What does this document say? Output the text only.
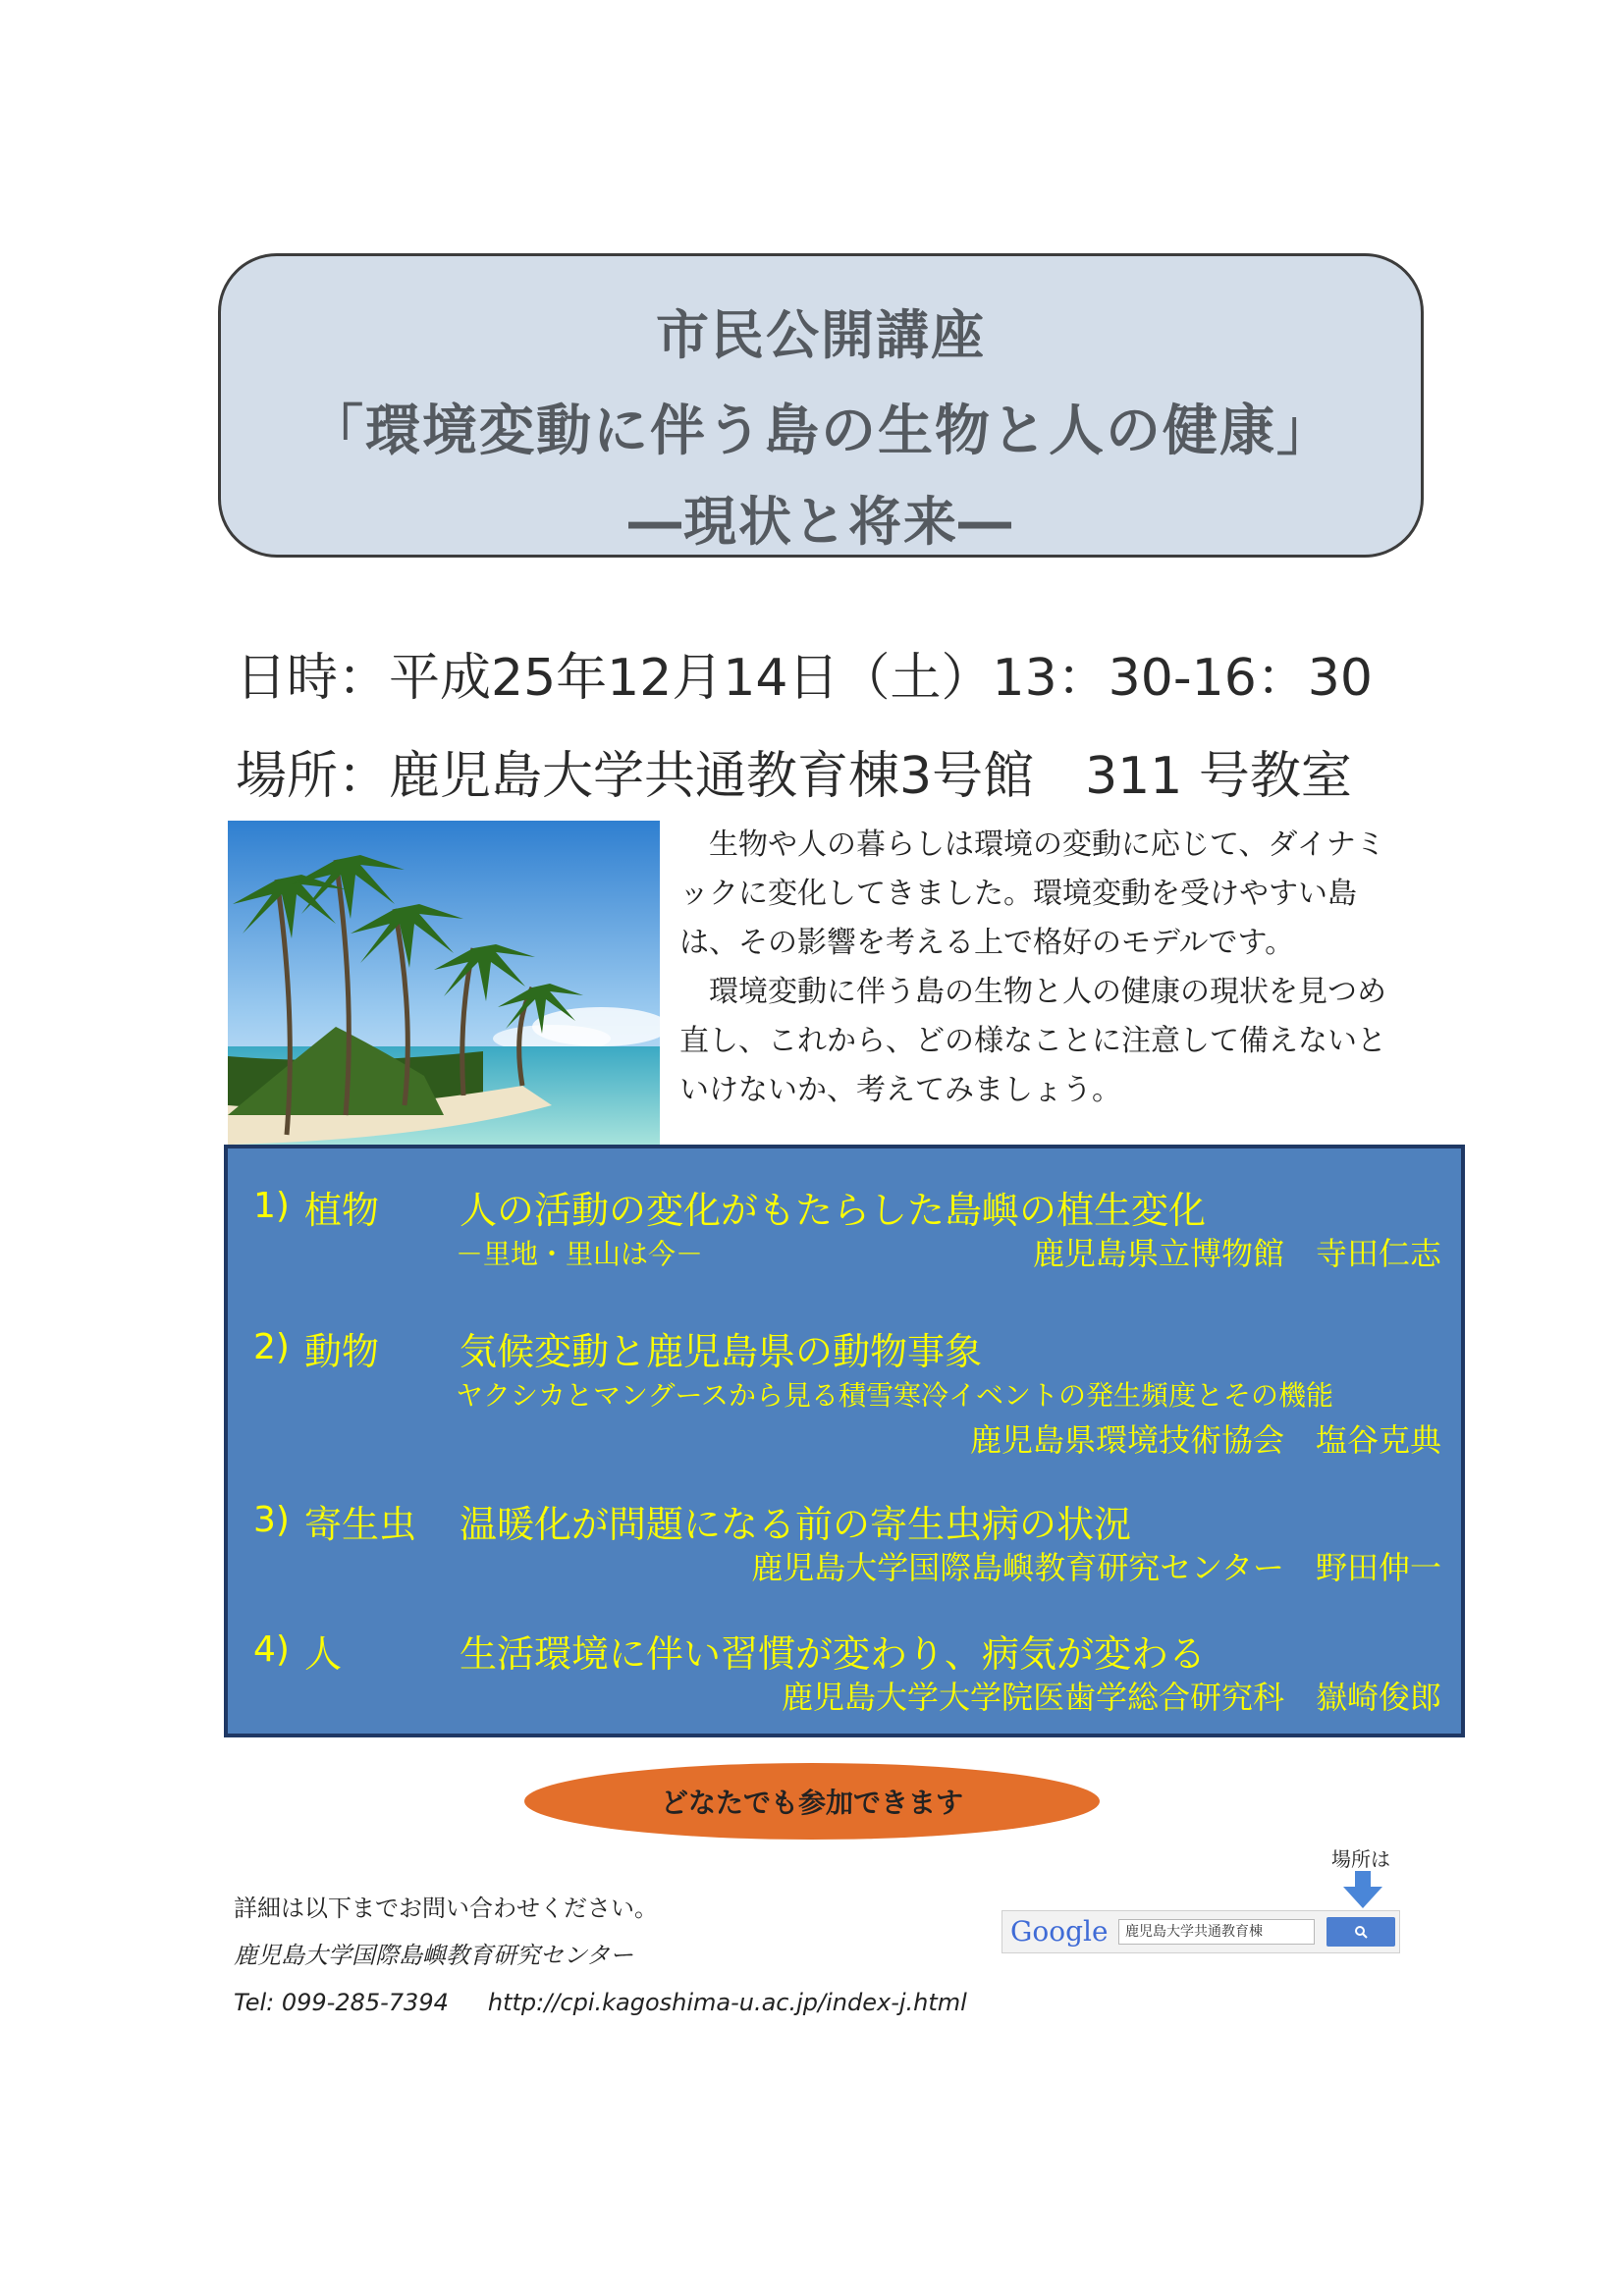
市民公開講座
「環境変動に伴う島の生物と人の健康」
―現状と将来―
日時：平成25年12月14日（土）13：30-16：30
場所：鹿児島大学共通教育棟3号館　311 号教室

　生物や人の暮らしは環境の変動に応じて、ダイナミックに変化してきました。環境変動を受けやすい島は、その影響を考える上で格好のモデルです。

　環境変動に伴う島の生物と人の健康の現状を見つめ直し、これから、どの様なことに注意して備えないといけないか、考えてみましょう。

1) 植物 人の活動の変化がもたらした島嶼の植生変化
－里地・里山は今－	鹿児島県立博物館　寺田仁志
2) 動物 気候変動と鹿児島県の動物事象
ヤクシカとマングースから見る積雪寒冷イベントの発生頻度とその機能
鹿児島県環境技術協会　塩谷克典
3) 寄生虫 温暖化が問題になる前の寄生虫病の状況
鹿児島大学国際島嶼教育研究センター　野田伸一
4) 人	生活環境に伴い習慣が変わり、病気が変わる
鹿児島大学大学院医歯学総合研究科　嶽崎俊郎
どなたでも参加できます
詳細は以下までお問い合わせください。
鹿児島大学国際島嶼教育研究センター
Tel: 099-285-7394 http://cpi.kagoshima-u.ac.jp/index-j.html
場所は
Google	鹿児島大学共通教育棟
